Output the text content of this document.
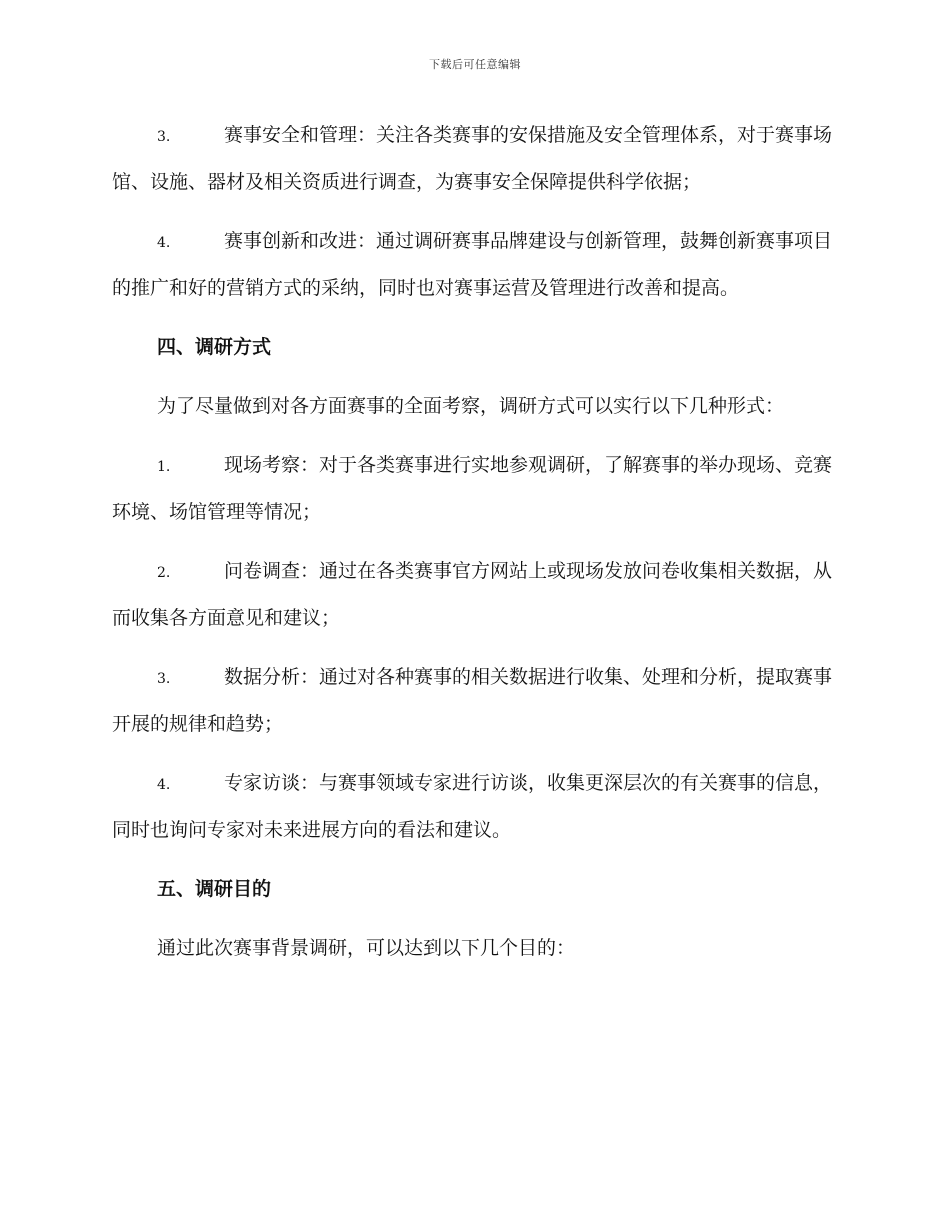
下载后可任意编辑

3.	赛事安全和管理：关注各类赛事的安保措施及安全管理体系，对于赛事场馆、设施、器材及相关资质进行调查，为赛事安全保障提供科学依据；

4.	赛事创新和改进：通过调研赛事品牌建设与创新管理，鼓舞创新赛事项目的推广和好的营销方式的采纳，同时也对赛事运营及管理进行改善和提高。

四、调研方式

为了尽量做到对各方面赛事的全面考察，调研方式可以实行以下几种形式：

1.	现场考察：对于各类赛事进行实地参观调研，了解赛事的举办现场、竞赛环境、场馆管理等情况；

2.	问卷调查：通过在各类赛事官方网站上或现场发放问卷收集相关数据，从而收集各方面意见和建议；

3.	数据分析：通过对各种赛事的相关数据进行收集、处理和分析，提取赛事开展的规律和趋势；

4.	专家访谈：与赛事领域专家进行访谈，收集更深层次的有关赛事的信息，同时也询问专家对未来进展方向的看法和建议。

五、调研目的

通过此次赛事背景调研，可以达到以下几个目的：
